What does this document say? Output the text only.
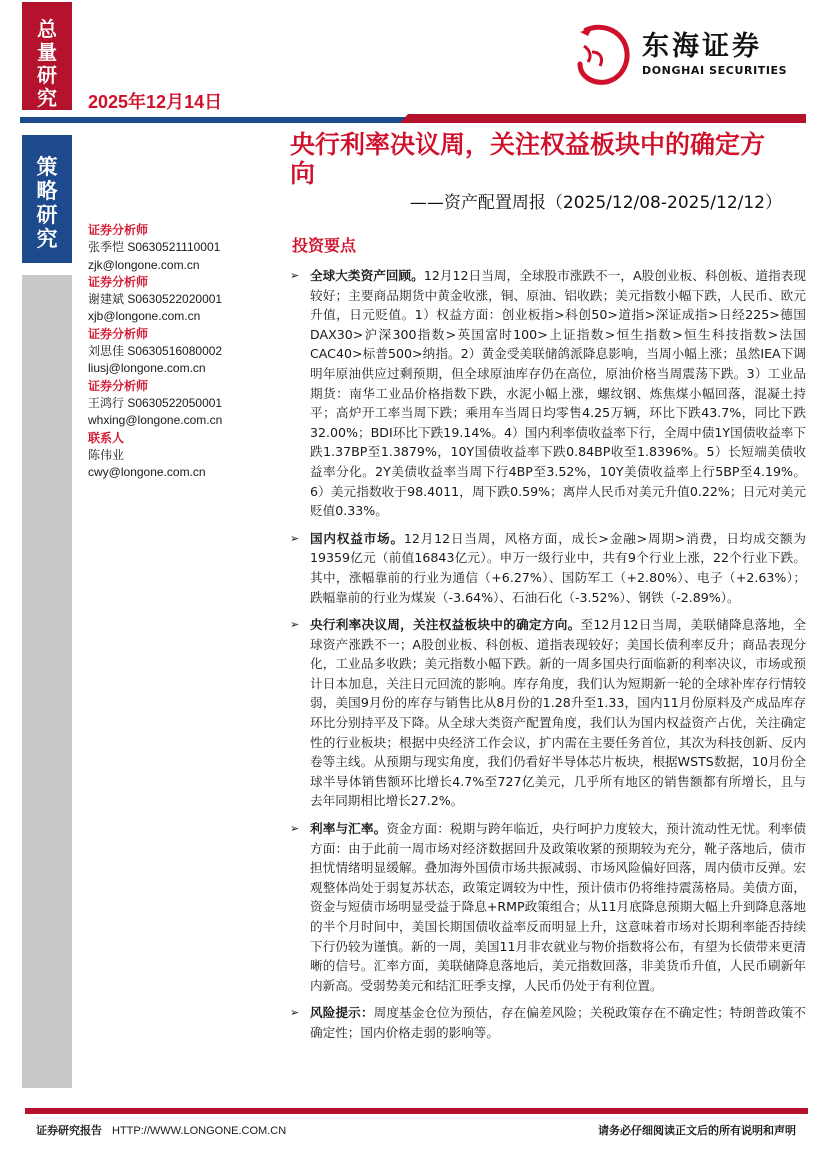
总量研究 2025年12月14日
东海证券
DONGHAI SECURITIES
策略研究
央行利率决议周，关注权益板块中的确定方向
——资产配置周报（2025/12/08-2025/12/12）
投资要点
证券分析师
张季恺 S0630521110001
zjk@longone.com.cn
证券分析师
谢建斌 S0630522020001
xjb@longone.com.cn
证券分析师
刘思佳 S0630516080002
liusj@longone.com.cn
证券分析师
王鸿行 S0630522050001
whxing@longone.com.cn
联系人
陈伟业
cwy@longone.com.cn
➢ 全球大类资产回顾。12月12日当周，全球股市涨跌不一，A股创业板、科创板、道指表现较好；主要商品期货中黄金收涨，铜、原油、铝收跌；美元指数小幅下跌，人民币、欧元升值，日元贬值。1）权益方面：创业板指>科创50>道指>深证成指>日经225>德国DAX30>沪深300指数>英国富时100>上证指数>恒生指数>恒生科技指数>法国CAC40>标普500>纳指。2）黄金受美联储鸽派降息影响，当周小幅上涨；虽然IEA下调明年原油供应过剩预期，但全球原油库存仍在高位，原油价格当周震荡下跌。3）工业品期货：南华工业品价格指数下跌，水泥小幅上涨，螺纹钢、炼焦煤小幅回落，混凝土持平；高炉开工率当周下跌；乘用车当周日均零售4.25万辆，环比下跌43.7%，同比下跌32.00%；BDI环比下跌19.14%。4）国内利率债收益率下行，全周中债1Y国债收益率下跌1.37BP至1.3879%，10Y国债收益率下跌0.84BP收至1.8396%。5）长短端美债收益率分化。2Y美债收益率当周下行4BP至3.52%，10Y美债收益率上行5BP至4.19%。6）美元指数收于98.4011，周下跌0.59%；离岸人民币对美元升值0.22%；日元对美元贬值0.33%。
➢ 国内权益市场。12月12日当周，风格方面，成长>金融>周期>消费，日均成交额为19359亿元（前值16843亿元）。申万一级行业中，共有9个行业上涨，22个行业下跌。其中，涨幅靠前的行业为通信（+6.27%）、国防军工（+2.80%）、电子（+2.63%）；跌幅靠前的行业为煤炭（-3.64%）、石油石化（-3.52%）、钢铁（-2.89%）。
➢ 央行利率决议周，关注权益板块中的确定方向。至12月12日当周，美联储降息落地，全球资产涨跌不一；A股创业板、科创板、道指表现较好；美国长债利率反升；商品表现分化，工业品多收跌；美元指数小幅下跌。新的一周多国央行面临新的利率决议，市场或预计日本加息，关注日元回流的影响。库存角度，我们认为短期新一轮的全球补库存行情较弱，美国9月份的库存与销售比从8月份的1.28升至1.33，国内11月份原料及产成品库存环比分别持平及下降。从全球大类资产配置角度，我们认为国内权益资产占优，关注确定性的行业板块；根据中央经济工作会议，扩内需在主要任务首位，其次为科技创新、反内卷等主线。从预期与现实角度，我们仍看好半导体芯片板块，根据WSTS数据，10月份全球半导体销售额环比增长4.7%至727亿美元，几乎所有地区的销售额都有所增长，且与去年同期相比增长27.2%。
➢ 利率与汇率。资金方面：税期与跨年临近，央行呵护力度较大，预计流动性无忧。利率债方面：由于此前一周市场对经济数据回升及政策收紧的预期较为充分，靴子落地后，债市担忧情绪明显缓解。叠加海外国债市场共振减弱、市场风险偏好回落，周内债市反弹。宏观整体尚处于弱复苏状态，政策定调较为中性，预计债市仍将维持震荡格局。美债方面，资金与短债市场明显受益于降息+RMP政策组合；从11月底降息预期大幅上升到降息落地的半个月时间中，美国长期国债收益率反而明显上升，这意味着市场对长期利率能否持续下行仍较为谨慎。新的一周，美国11月非农就业与物价指数将公布，有望为长债带来更清晰的信号。汇率方面，美联储降息落地后，美元指数回落，非美货币升值，人民币刷新年内新高。受弱势美元和结汇旺季支撑，人民币仍处于有利位置。
➢ 风险提示：周度基金仓位为预估，存在偏差风险；关税政策存在不确定性；特朗普政策不确定性；国内价格走弱的影响等。
证券研究报告 HTTP://WWW.LONGONE.COM.CN	请务必仔细阅读正文后的所有说明和声明
